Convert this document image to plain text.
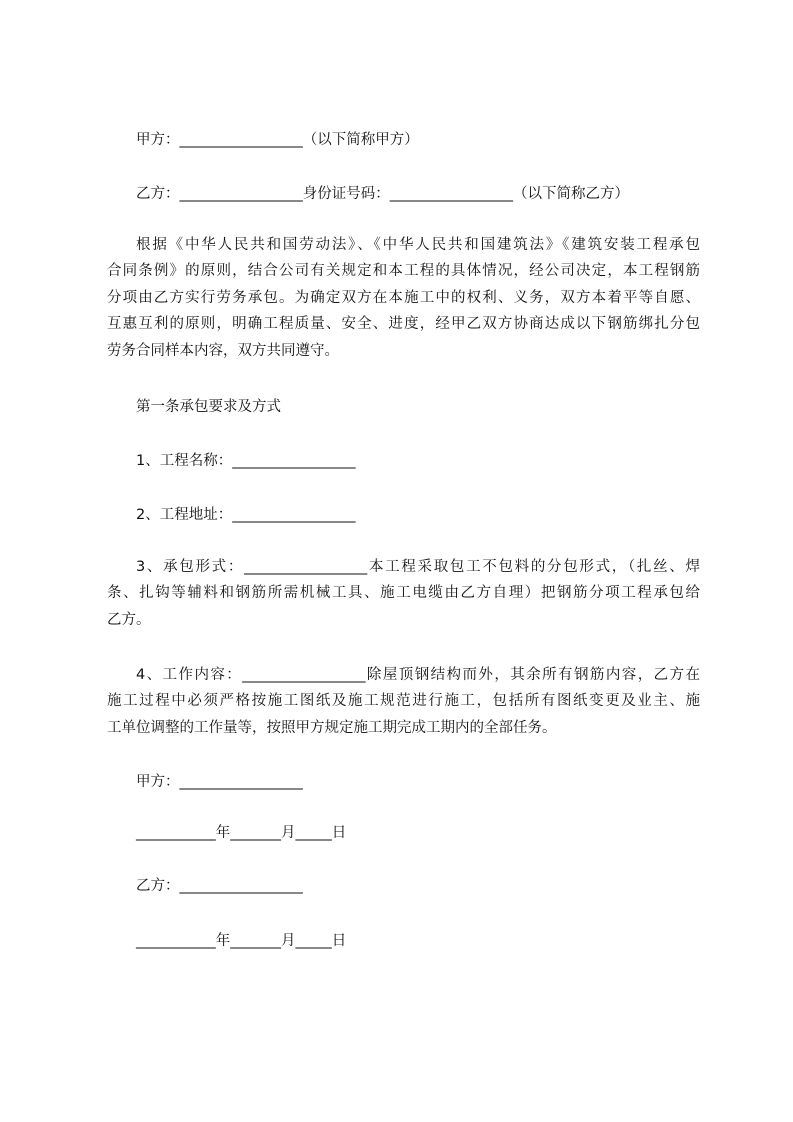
甲方：_________________（以下简称甲方）
乙方：_________________身份证号码：_________________（以下简称乙方）
根据《中华人民共和国劳动法》、《中华人民共和国建筑法》《建筑安装工程承包
合同条例》的原则，结合公司有关规定和本工程的具体情况，经公司决定，本工程钢筋
分项由乙方实行劳务承包。为确定双方在本施工中的权利、义务，双方本着平等自愿、
互惠互利的原则，明确工程质量、安全、进度，经甲乙双方协商达成以下钢筋绑扎分包
劳务合同样本内容，双方共同遵守。
第一条承包要求及方式
1、工程名称：_________________
2、工程地址：_________________
3、承包形式：_________________本工程采取包工不包料的分包形式，（扎丝、焊
条、扎钩等辅料和钢筋所需机械工具、施工电缆由乙方自理）把钢筋分项工程承包给
乙方。
4、工作内容：_________________除屋顶钢结构而外，其余所有钢筋内容，乙方在
施工过程中必须严格按施工图纸及施工规范进行施工，包括所有图纸变更及业主、施
工单位调整的工作量等，按照甲方规定施工期完成工期内的全部任务。
甲方：_________________
___________年_______月_____日
乙方：_________________
___________年_______月_____日
